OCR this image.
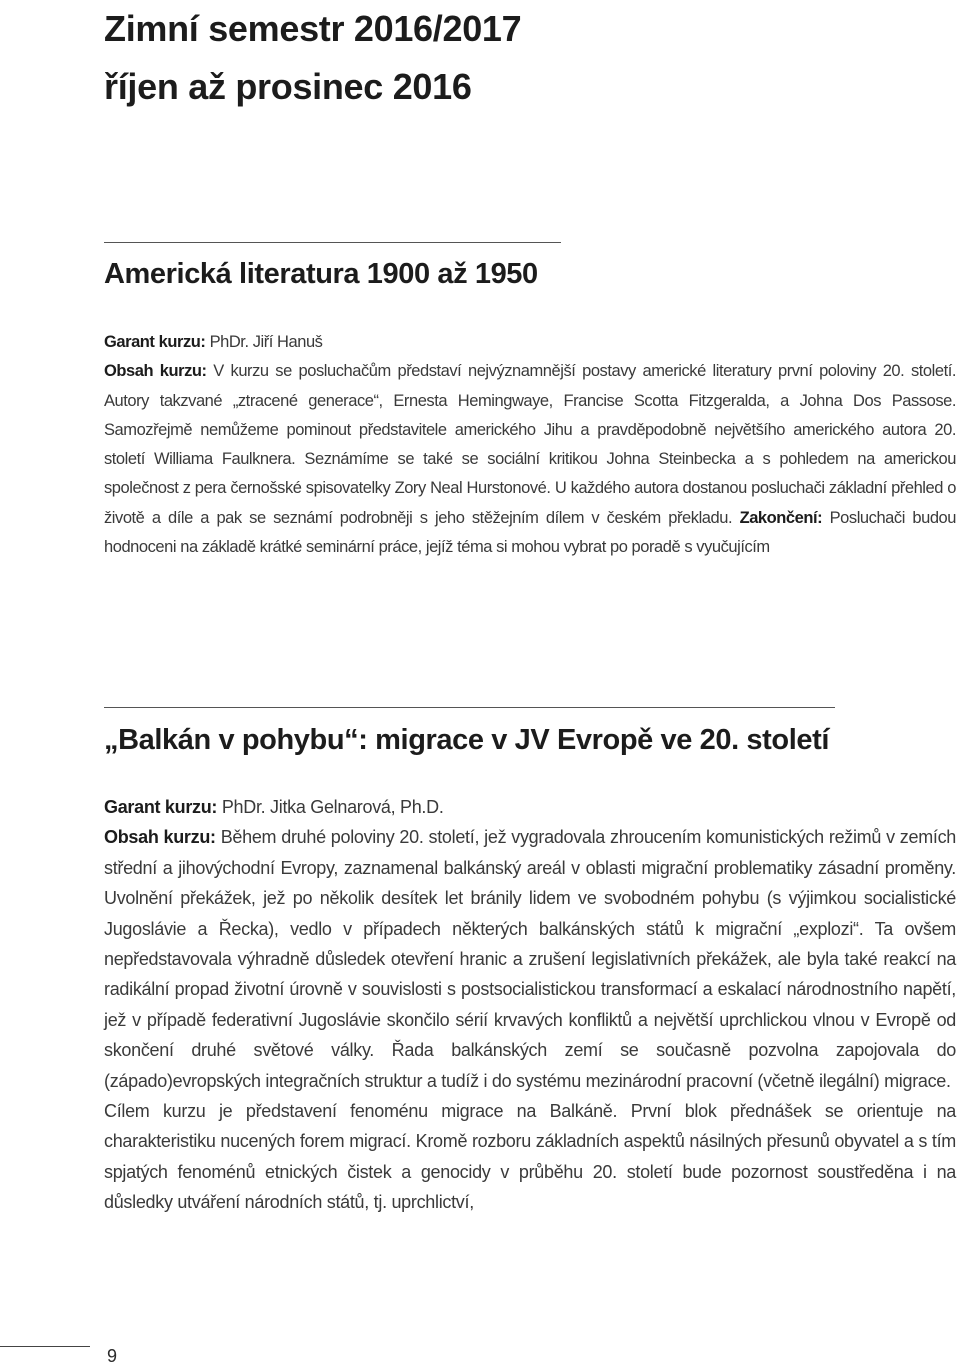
Zimní semestr 2016/2017
říjen až prosinec 2016
Americká literatura 1900 až 1950

Garant kurzu: PhDr. Jiří Hanuš

Obsah kurzu: V kurzu se posluchačům představí nejvýznamnější postavy americké literatury první poloviny 20. století. Autory takzvané „ztracené generace“, Ernesta Hemingwaye, Francise Scotta Fitzgeralda, a Johna Dos Passose. Samozřejmě nemůžeme pominout představitele amerického Jihu a pravděpodobně největšího amerického autora 20. století Williama Faulknera. Seznámíme se také se sociální kritikou Johna Steinbecka a s pohledem na americkou společnost z pera černošské spisovatelky Zory Neal Hurstonové. U každého autora dostanou posluchači základní přehled o životě a díle a pak se seznámí podrobněji s jeho stěžejním dílem v českém překladu. Zakončení: Posluchači budou hodnoceni na základě krátké seminární práce, jejíž téma si mohou vybrat po poradě s vyučujícím

„Balkán v pohybu“: migrace v JV Evropě ve 20. století

Garant kurzu: PhDr. Jitka Gelnarová, Ph.D.

Obsah kurzu: Během druhé poloviny 20. století, jež vygradovala zhroucením komunistických režimů v zemích střední a jihovýchodní Evropy, zaznamenal balkánský areál v oblasti migrační problematiky zásadní proměny. Uvolnění překážek, jež po několik desítek let bránily lidem ve svobodném pohybu (s výjimkou socialistické Jugoslávie a Řecka), vedlo v případech některých balkánských států k migrační „explozi“. Ta ovšem nepředstavovala výhradně důsledek otevření hranic a zrušení legislativních překážek, ale byla také reakcí na radikální propad životní úrovně v souvislosti s postsocialistickou transformací a eskalací národnostního napětí, jež v případě federativní Jugoslávie skončilo sérií krvavých konfliktů a největší uprchlickou vlnou v Evropě od skončení druhé světové války. Řada balkánských zemí se současně pozvolna zapojovala do (západo)evropských integračních struktur a tudíž i do systému mezinárodní pracovní (včetně ilegální) migrace.

Cílem kurzu je představení fenoménu migrace na Balkáně. První blok přednášek se orientuje na charakteristiku nucených forem migrací. Kromě rozboru základních aspektů násilných přesunů obyvatel a s tím spjatých fenoménů etnických čistek a genocidy v průběhu 20. století bude pozornost soustředěna i na důsledky utváření národních států, tj. uprchlictví,

9
